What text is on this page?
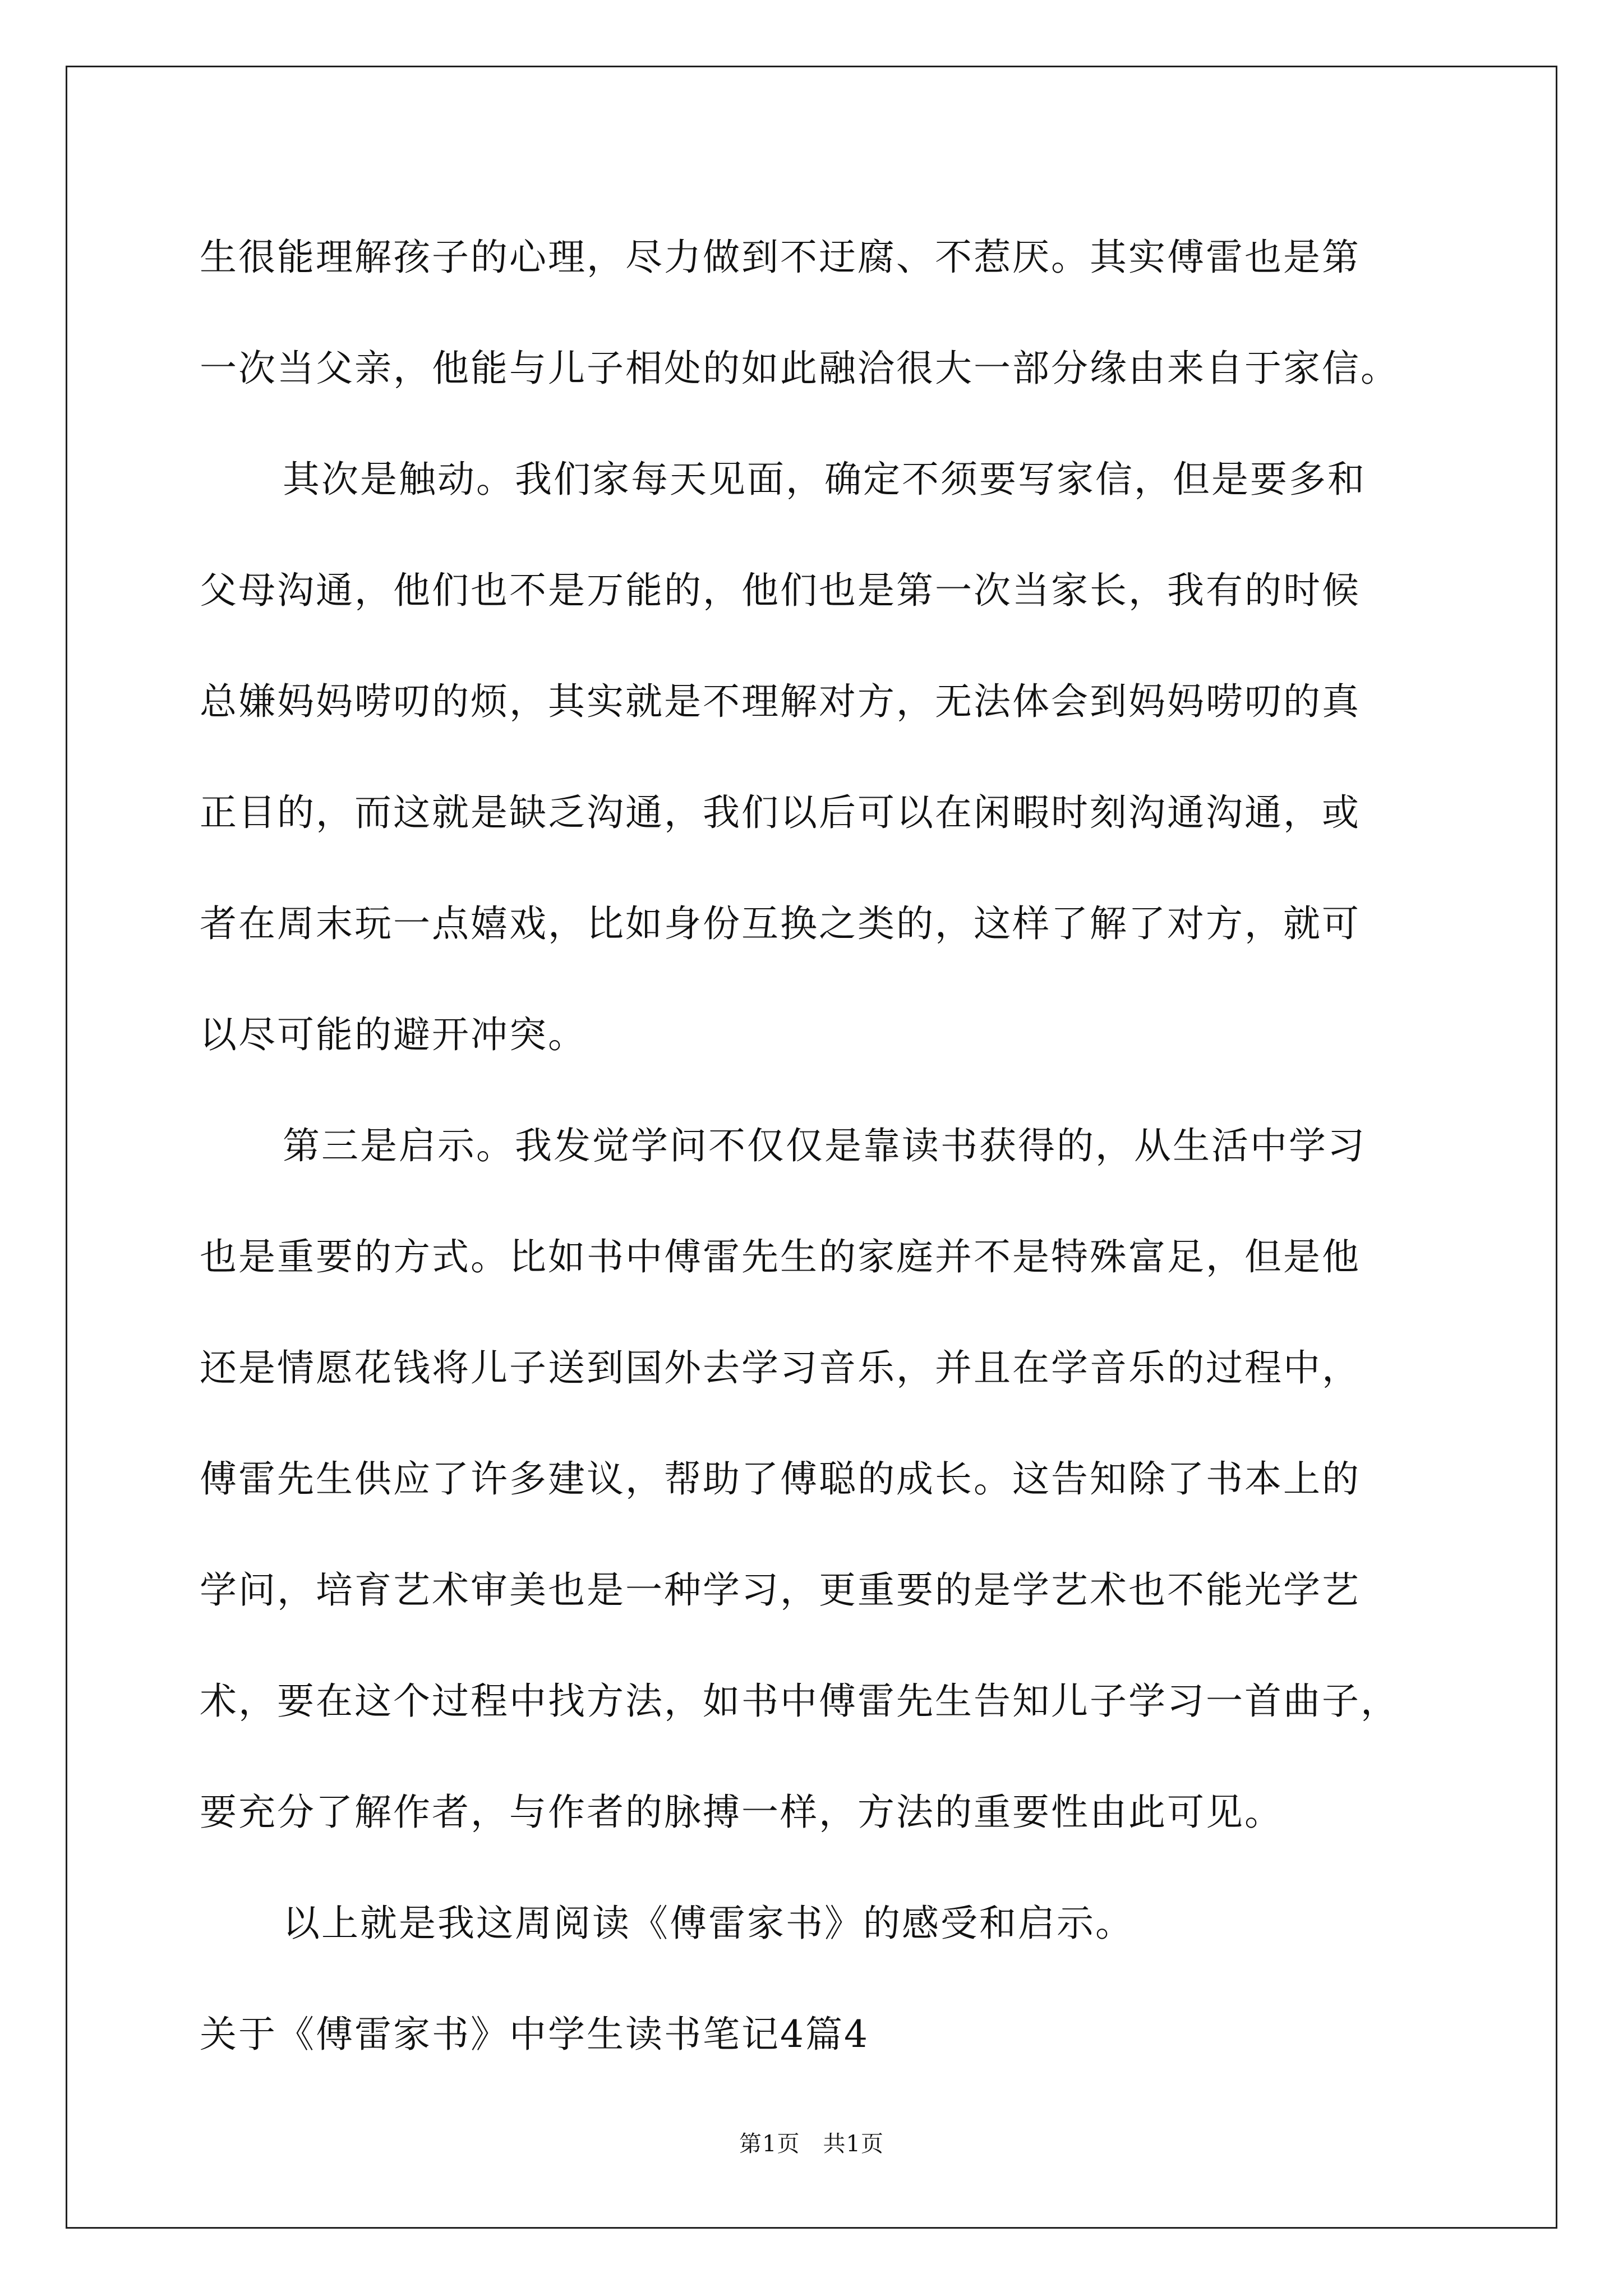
生很能理解孩子的心理，尽力做到不迂腐、不惹厌。其实傅雷也是第
一次当父亲，他能与儿子相处的如此融洽很大一部分缘由来自于家信。
其次是触动。我们家每天见面，确定不须要写家信，但是要多和
父母沟通，他们也不是万能的，他们也是第一次当家长，我有的时候
总嫌妈妈唠叨的烦，其实就是不理解对方，无法体会到妈妈唠叨的真
正目的，而这就是缺乏沟通，我们以后可以在闲暇时刻沟通沟通，或
者在周末玩一点嬉戏，比如身份互换之类的，这样了解了对方，就可
以尽可能的避开冲突。
第三是启示。我发觉学问不仅仅是靠读书获得的，从生活中学习
也是重要的方式。比如书中傅雷先生的家庭并不是特殊富足，但是他
还是情愿花钱将儿子送到国外去学习音乐，并且在学音乐的过程中，
傅雷先生供应了许多建议，帮助了傅聪的成长。这告知除了书本上的
学问，培育艺术审美也是一种学习，更重要的是学艺术也不能光学艺
术，要在这个过程中找方法，如书中傅雷先生告知儿子学习一首曲子，
要充分了解作者，与作者的脉搏一样，方法的重要性由此可见。
以上就是我这周阅读《傅雷家书》的感受和启示。
关于《傅雷家书》中学生读书笔记4篇4
第1页　共1页
